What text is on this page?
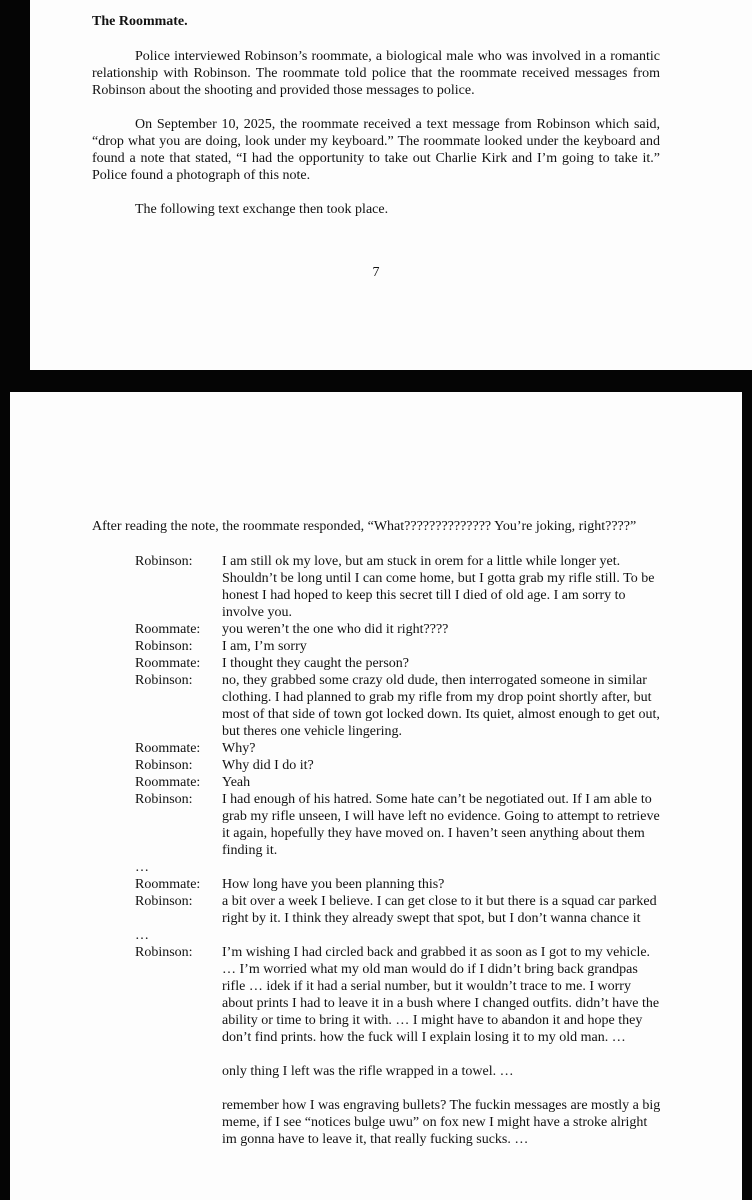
The Roommate.

Police interviewed Robinson’s roommate, a biological male who was involved in a romantic relationship with Robinson. The roommate told police that the roommate received messages from Robinson about the shooting and provided those messages to police.

On September 10, 2025, the roommate received a text message from Robinson which said, “drop what you are doing, look under my keyboard.” The roommate looked under the keyboard and found a note that stated, “I had the opportunity to take out Charlie Kirk and I’m going to take it.” Police found a photograph of this note.

The following text exchange then took place.

7

After reading the note, the roommate responded, “What?????????????? You’re joking, right????”

Robinson:	I am still ok my love, but am stuck in orem for a little while longer yet. Shouldn’t be long until I can come home, but I gotta grab my rifle still. To be honest I had hoped to keep this secret till I died of old age. I am sorry to involve you.
Roommate:	you weren’t the one who did it right????
Robinson:	I am, I’m sorry
Roommate:	I thought they caught the person?
Robinson:	no, they grabbed some crazy old dude, then interrogated someone in similar clothing. I had planned to grab my rifle from my drop point shortly after, but most of that side of town got locked down. Its quiet, almost enough to get out, but theres one vehicle lingering.
Roommate:	Why?
Robinson:	Why did I do it?
Roommate:	Yeah
Robinson:	I had enough of his hatred. Some hate can’t be negotiated out. If I am able to grab my rifle unseen, I will have left no evidence. Going to attempt to retrieve it again, hopefully they have moved on. I haven’t seen anything about them finding it.
…
Roommate:	How long have you been planning this?
Robinson:	a bit over a week I believe. I can get close to it but there is a squad car parked right by it. I think they already swept that spot, but I don’t wanna chance it
…
Robinson:	I’m wishing I had circled back and grabbed it as soon as I got to my vehicle. … I’m worried what my old man would do if I didn’t bring back grandpas rifle … idek if it had a serial number, but it wouldn’t trace to me. I worry about prints I had to leave it in a bush where I changed outfits. didn’t have the ability or time to bring it with. … I might have to abandon it and hope they don’t find prints. how the fuck will I explain losing it to my old man. …
only thing I left was the rifle wrapped in a towel. …
remember how I was engraving bullets? The fuckin messages are mostly a big meme, if I see “notices bulge uwu” on fox new I might have a stroke alright im gonna have to leave it, that really fucking sucks. …
